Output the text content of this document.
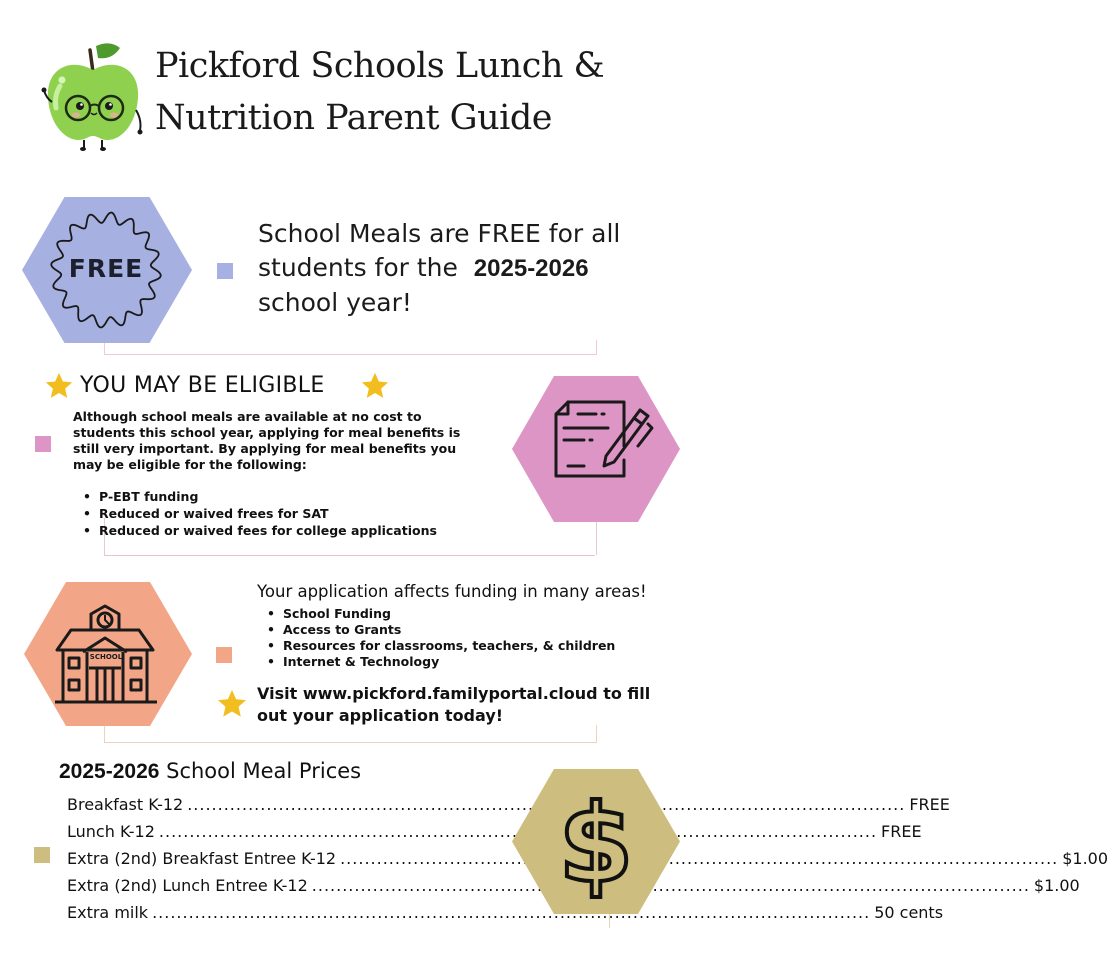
Pickford Schools Lunch &
Nutrition Parent Guide
FREE
School Meals are FREE for all
students for the  2025-2026
school year!
YOU MAY BE ELIGIBLE
Although school meals are available at no cost to students this school year, applying for meal benefits is still very important. By applying for meal benefits you may be eligible for the following:
• P-EBT funding
• Reduced or waived frees for SAT
• Reduced or waived fees for college applications
SCHOOL
Your application affects funding in many areas!
• School Funding
• Access to Grants
• Resources for classrooms, teachers, & children
• Internet & Technology
Visit www.pickford.familyportal.cloud to fill
out your application today!
2025-2026 School Meal Prices
Breakfast K-12 .....	FREE
Lunch K-12 .....	FREE
Extra (2nd) Breakfast Entree K-12 .....	$1.00
Extra (2nd) Lunch Entree K-12 .....	$1.00
Extra milk .....	50 cents
$
